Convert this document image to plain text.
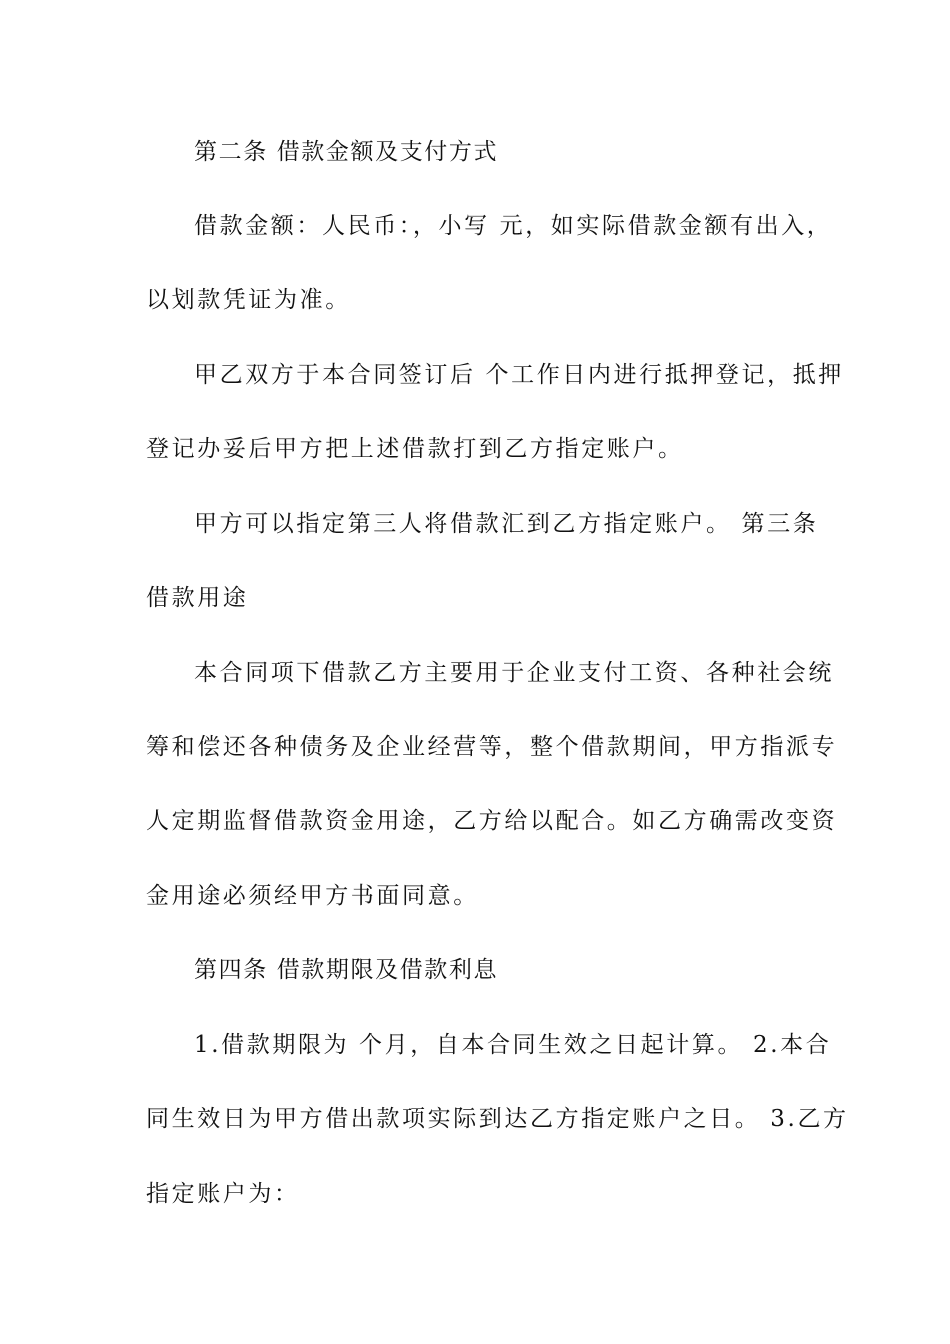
第二条 借款金额及支付方式
借款金额：人民币：，小写 元，如实际借款金额有出入，
以划款凭证为准。
甲乙双方于本合同签订后 个工作日内进行抵押登记，抵押
登记办妥后甲方把上述借款打到乙方指定账户。
甲方可以指定第三人将借款汇到乙方指定账户。 第三条
借款用途
本合同项下借款乙方主要用于企业支付工资、各种社会统
筹和偿还各种债务及企业经营等，整个借款期间，甲方指派专
人定期监督借款资金用途，乙方给以配合。如乙方确需改变资
金用途必须经甲方书面同意。
第四条 借款期限及借款利息
1.借款期限为 个月，自本合同生效之日起计算。 2.本合
同生效日为甲方借出款项实际到达乙方指定账户之日。 3.乙方
指定账户为：
